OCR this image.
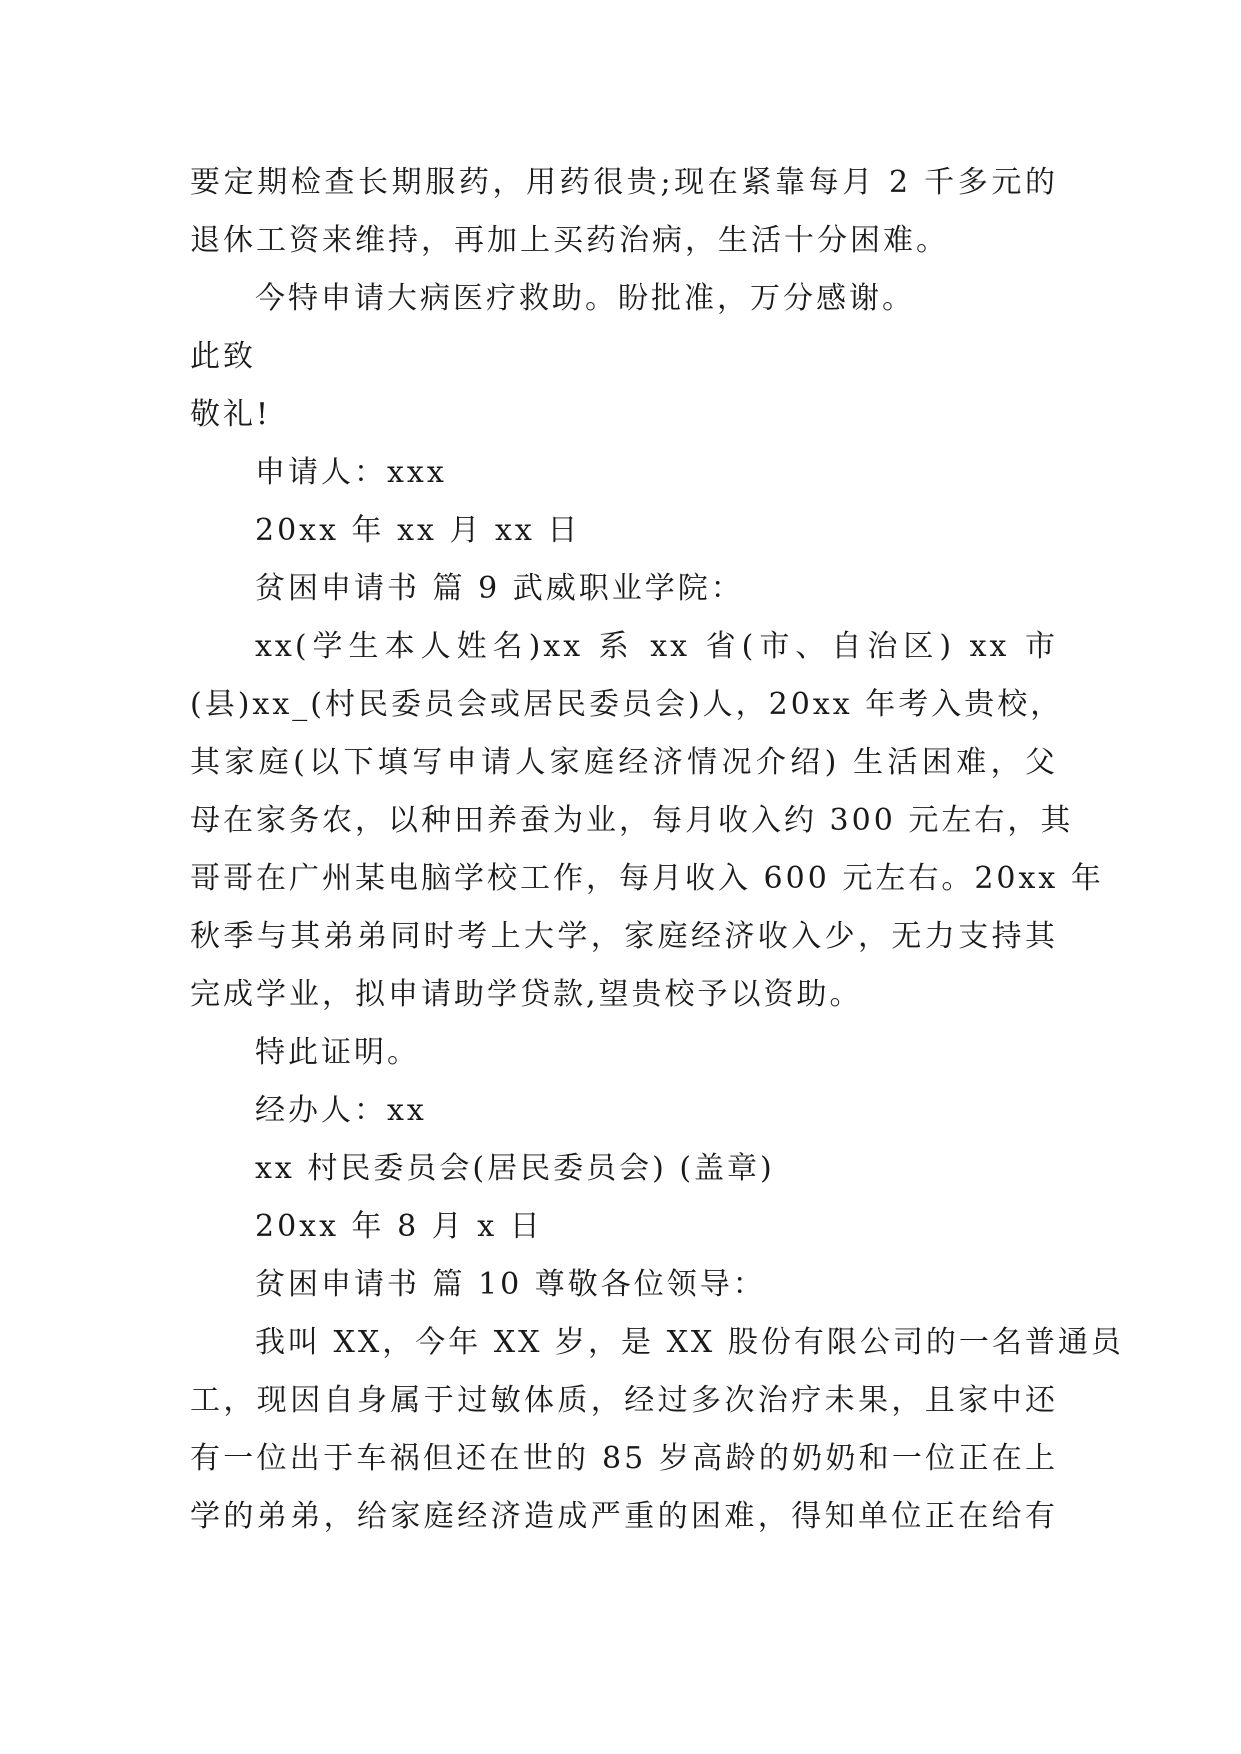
要定期检查长期服药，用药很贵;现在紧靠每月 2 千多元的
退休工资来维持，再加上买药治病，生活十分困难。
今特申请大病医疗救助。盼批准，万分感谢。
此致
敬礼!
申请人：xxx
20xx 年 xx 月 xx 日
贫困申请书 篇 9 武威职业学院：
xx(学生本人姓名)xx 系 xx 省(市、自治区) xx 市
(县)xx_(村民委员会或居民委员会)人，20xx 年考入贵校，
其家庭(以下填写申请人家庭经济情况介绍) 生活困难，父
母在家务农，以种田养蚕为业，每月收入约 300 元左右，其
哥哥在广州某电脑学校工作，每月收入 600 元左右。20xx 年
秋季与其弟弟同时考上大学，家庭经济收入少，无力支持其
完成学业，拟申请助学贷款,望贵校予以资助。
特此证明。
经办人：xx
xx 村民委员会(居民委员会) (盖章)
20xx 年 8 月 x 日
贫困申请书 篇 10 尊敬各位领导：
我叫 XX，今年 XX 岁，是 XX 股份有限公司的一名普通员
工，现因自身属于过敏体质，经过多次治疗未果，且家中还
有一位出于车祸但还在世的 85 岁高龄的奶奶和一位正在上
学的弟弟，给家庭经济造成严重的困难，得知单位正在给有
